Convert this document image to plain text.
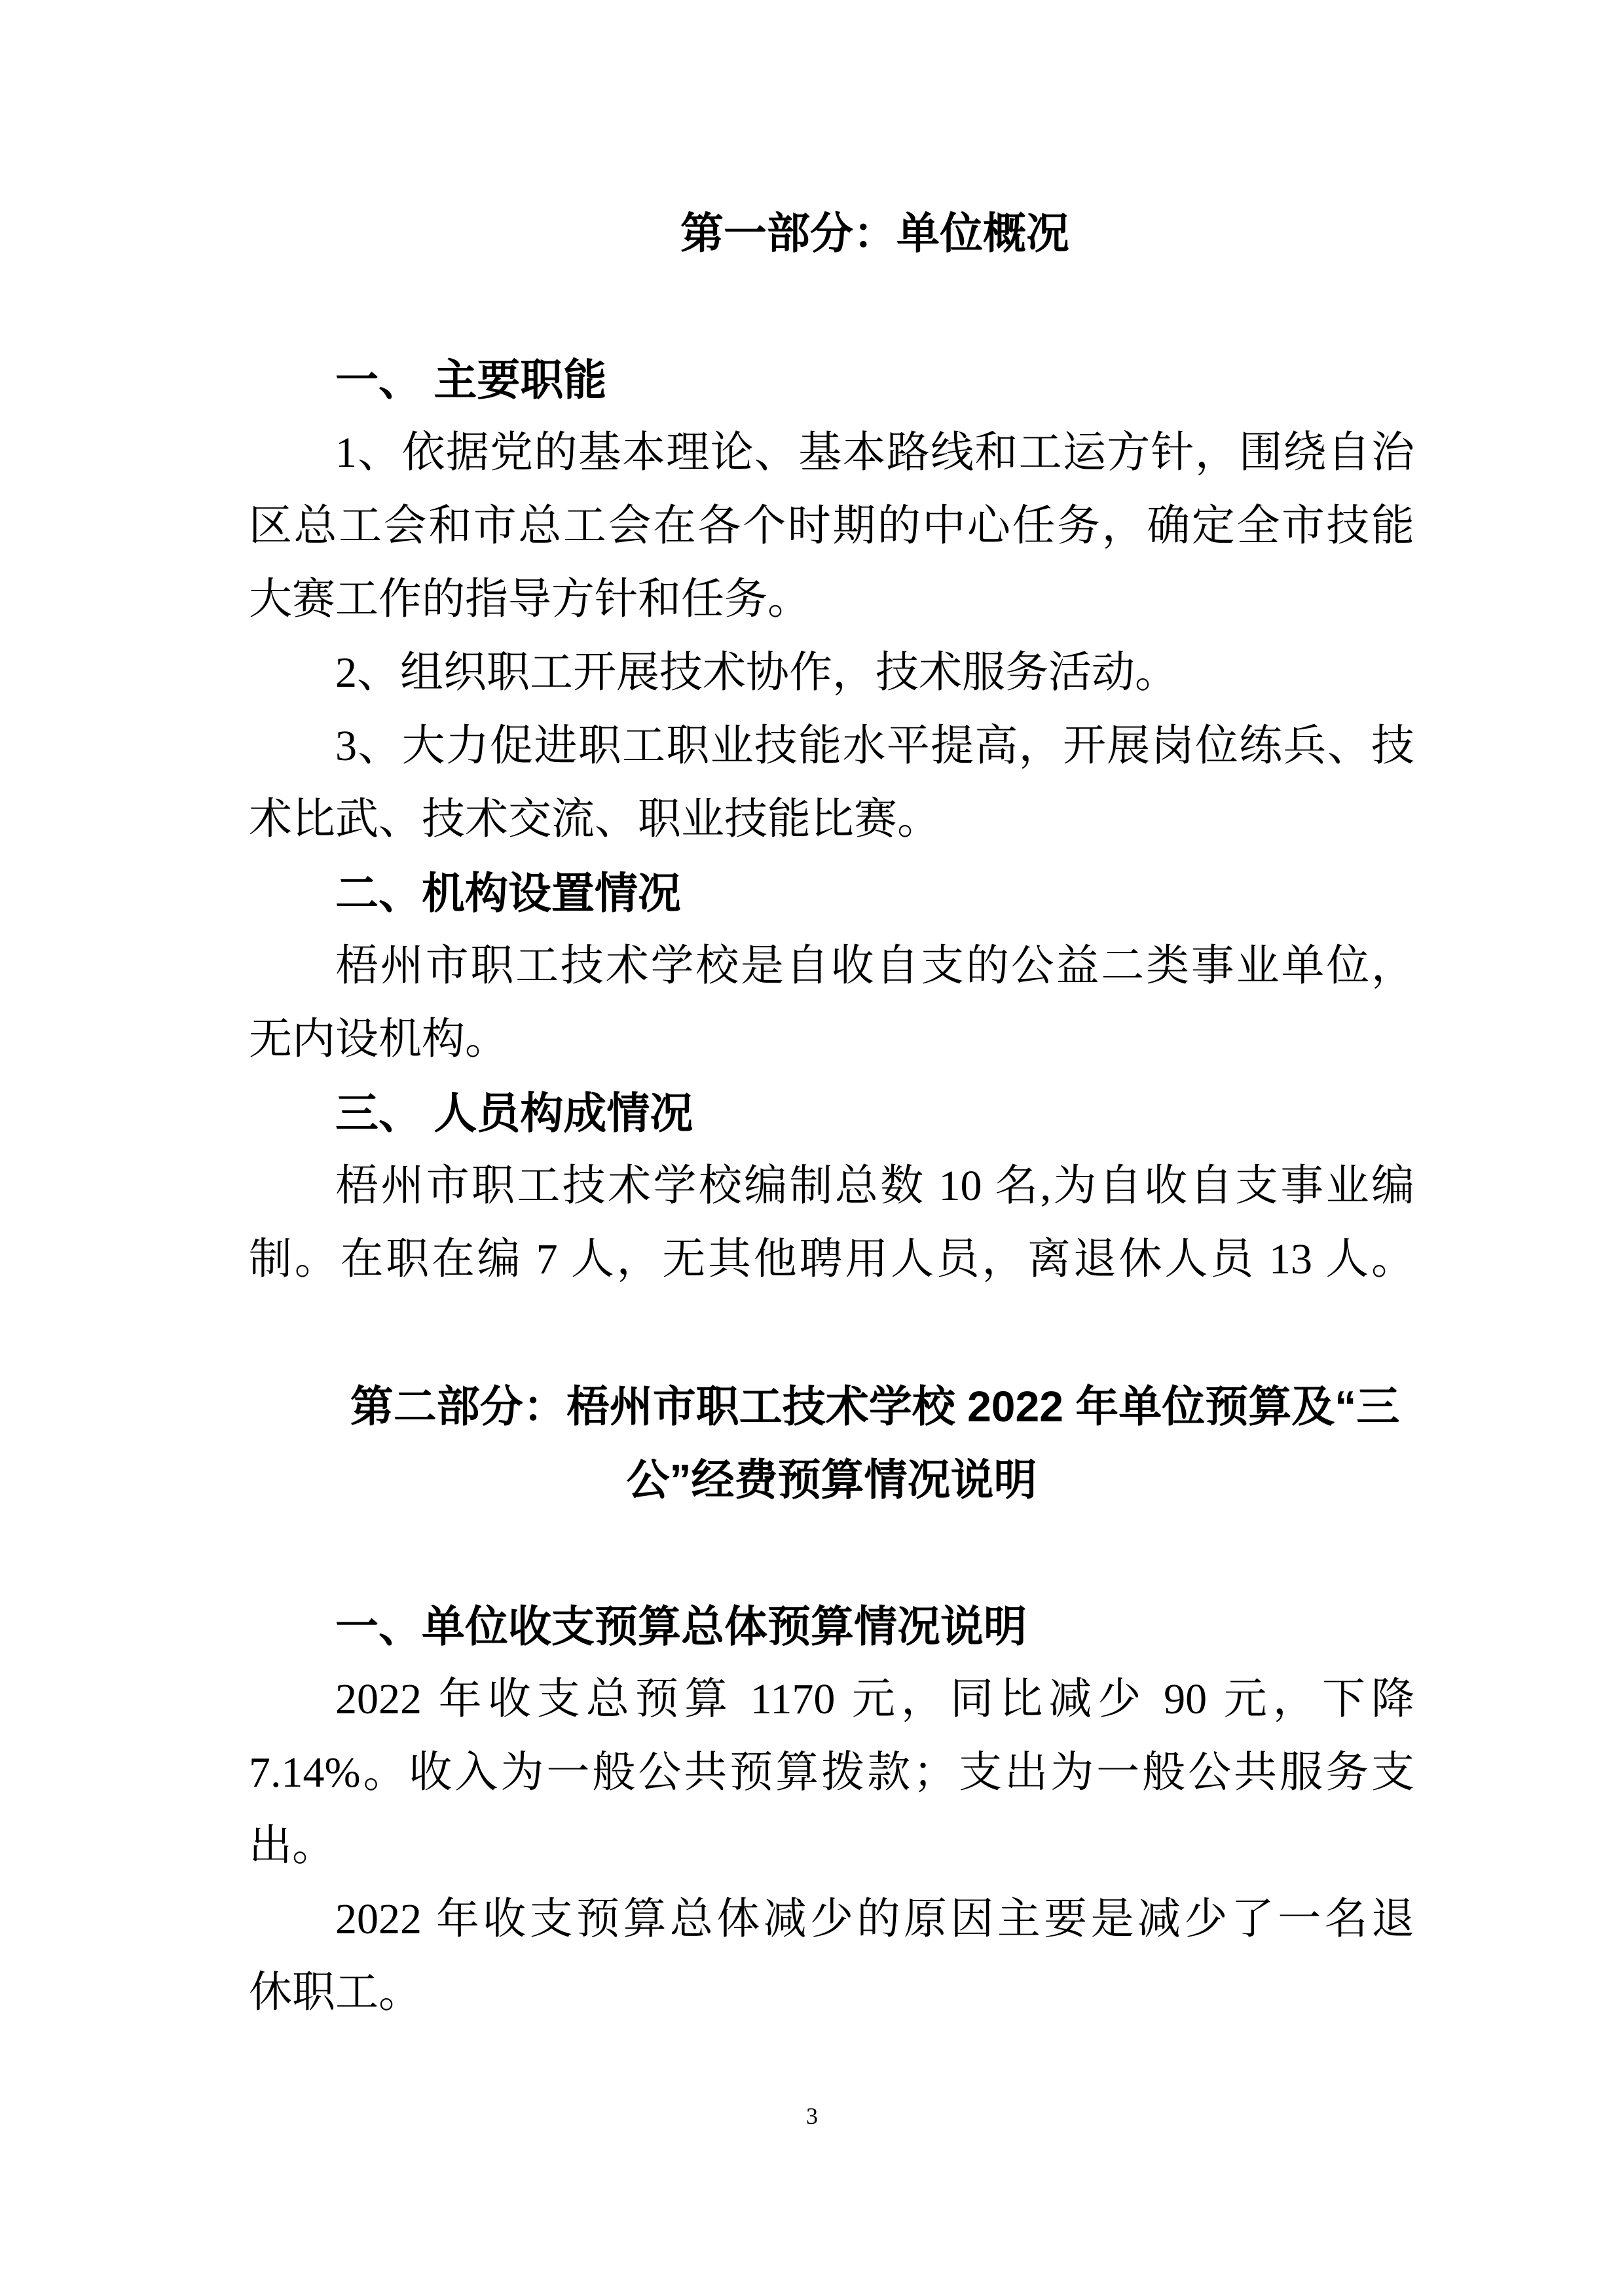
第一部分：单位概况
一、 主要职能
1、依据党的基本理论、基本路线和工运方针，围绕自治
区总工会和市总工会在各个时期的中心任务，确定全市技能
大赛工作的指导方针和任务。
2、组织职工开展技术协作，技术服务活动。
3、大力促进职工职业技能水平提高，开展岗位练兵、技
术比武、技术交流、职业技能比赛。
二、机构设置情况
梧州市职工技术学校是自收自支的公益二类事业单位，
无内设机构。
三、 人员构成情况
梧州市职工技术学校编制总数 10 名,为自收自支事业编
制。在职在编 7 人，无其他聘用人员，离退休人员 13 人。
第二部分：梧州市职工技术学校 2022 年单位预算及“三
公”经费预算情况说明
一、单位收支预算总体预算情况说明
2022 年收支总预算 1170 元，同比减少 90 元，下降
7.14%。收入为一般公共预算拨款；支出为一般公共服务支
出。
2022 年收支预算总体减少的原因主要是减少了一名退
休职工。
3
